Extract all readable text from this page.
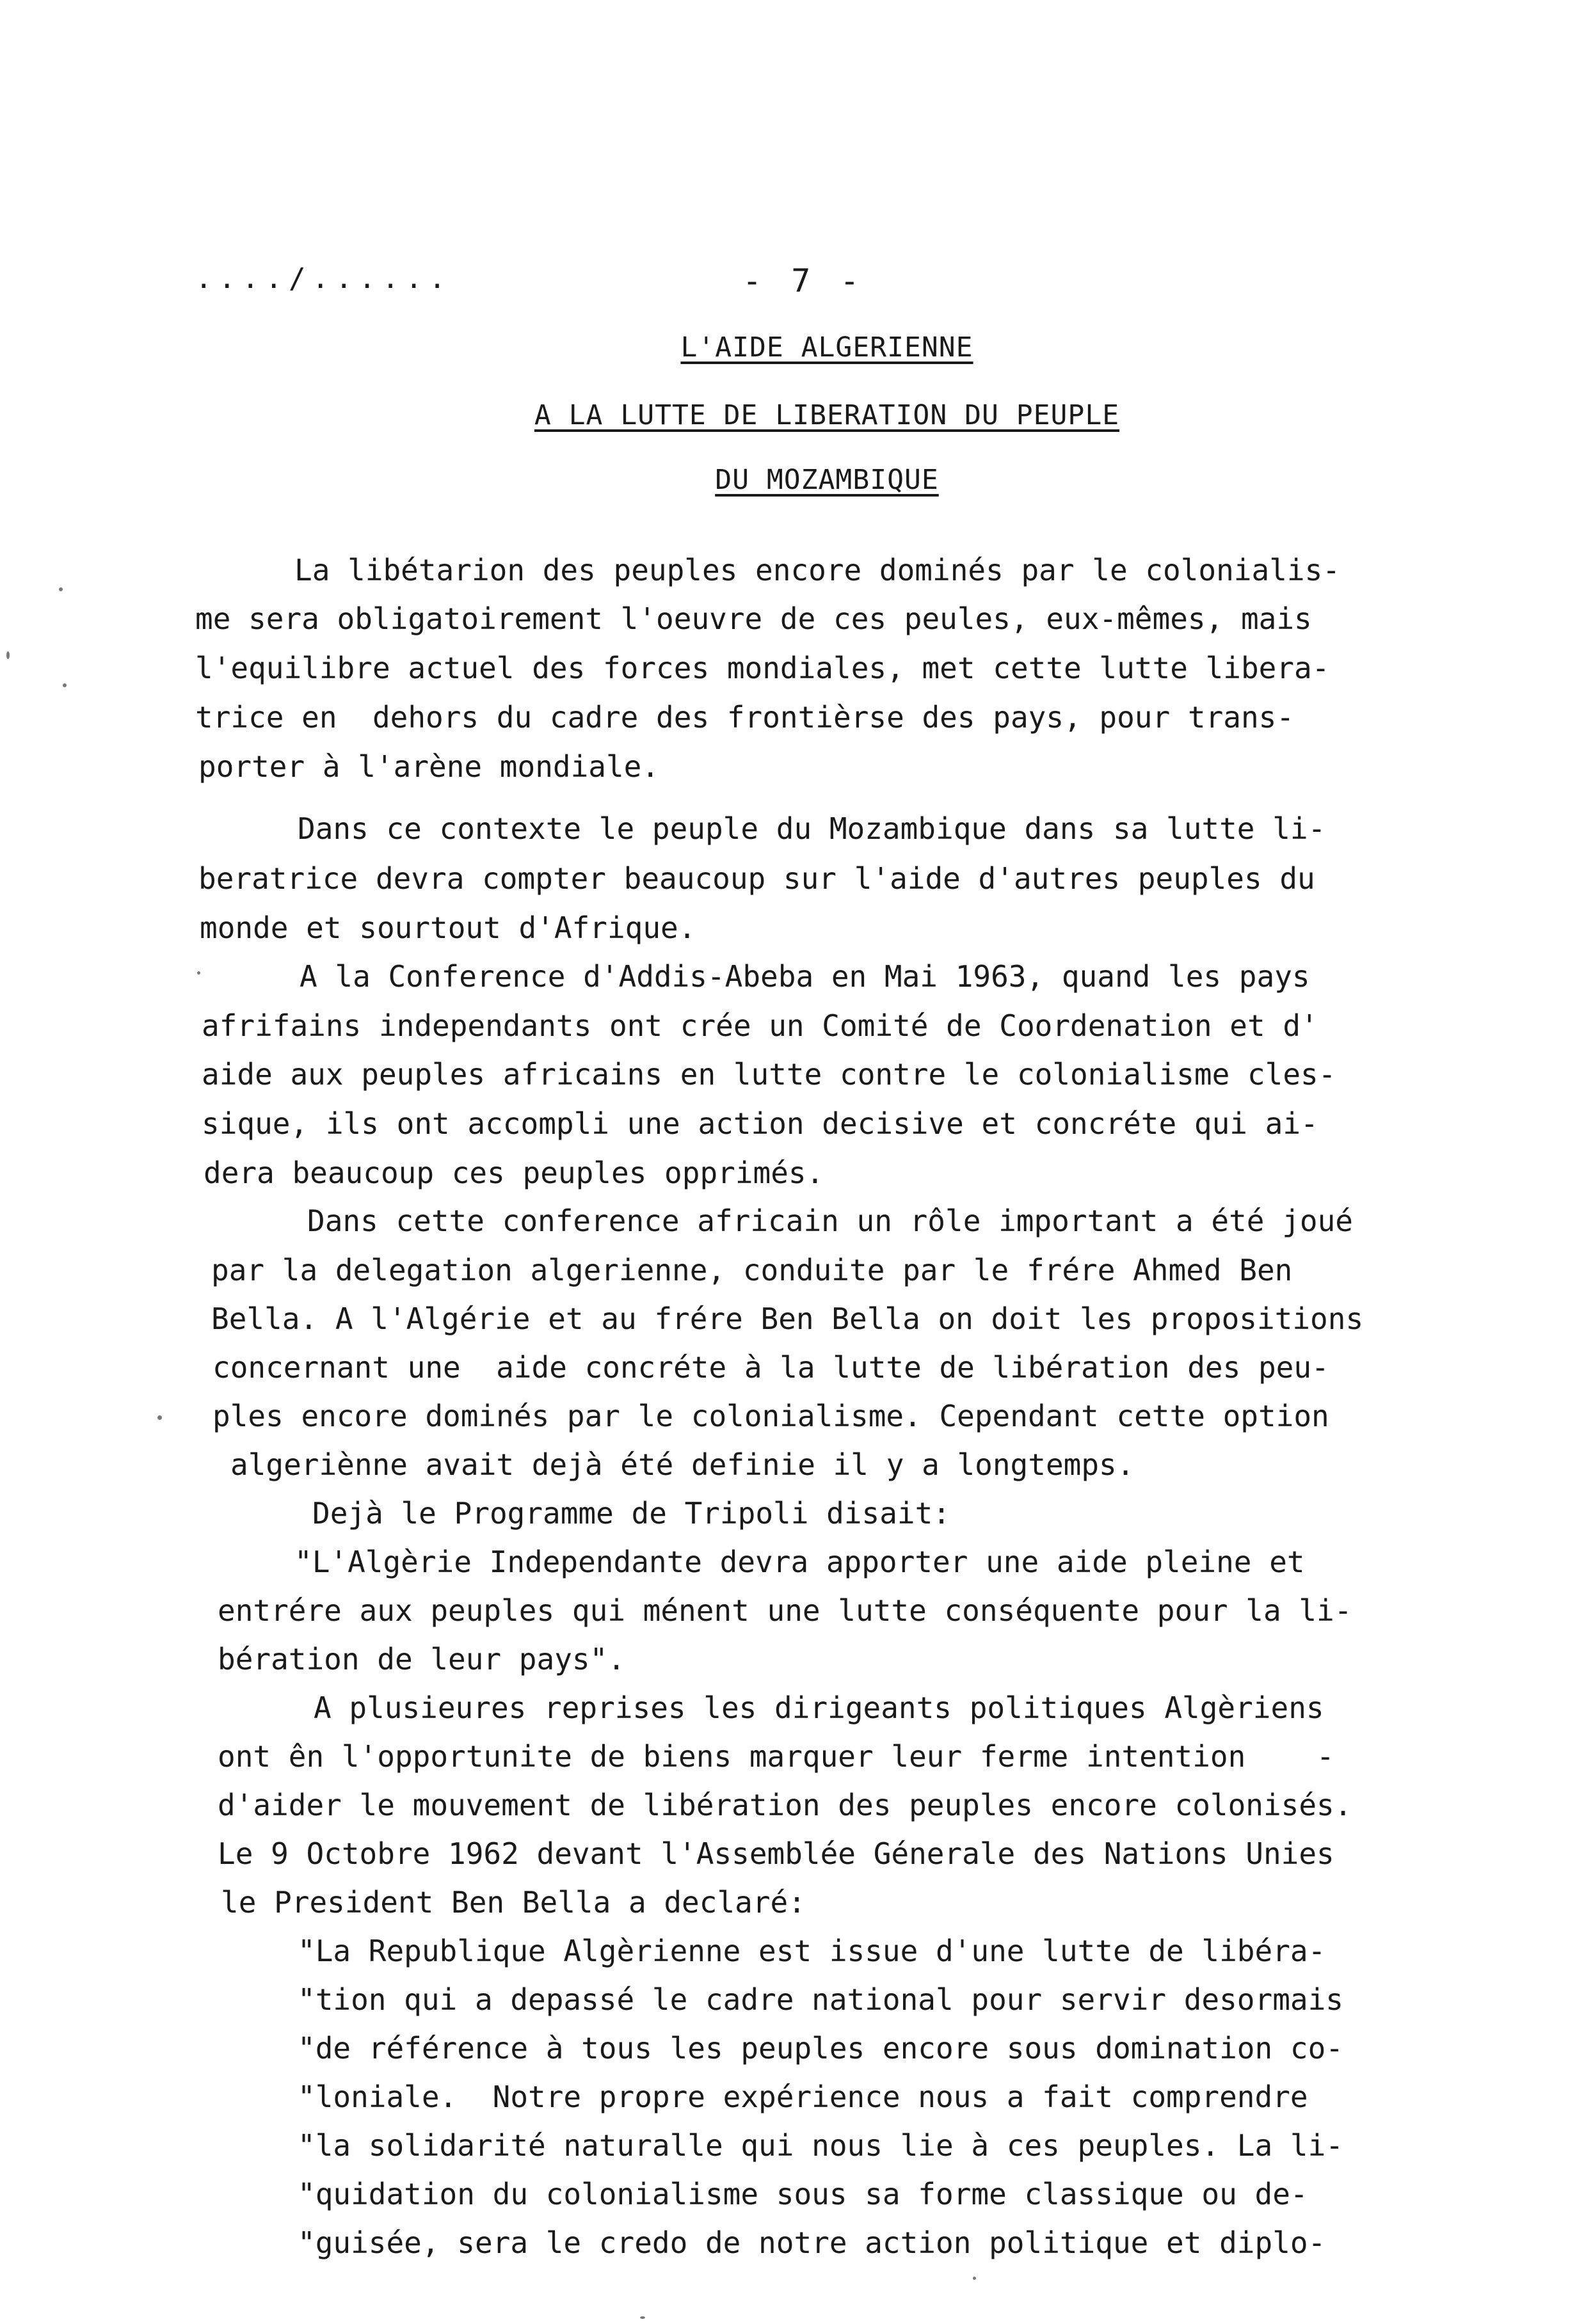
..../......	- 7 -
L'AIDE ALGERIENNE
A LA LUTTE DE LIBERATION DU PEUPLE
DU MOZAMBIQUE
La libétarion des peuples encore dominés par le colonialis-
me sera obligatoirement l'oeuvre de ces peules, eux-mêmes, mais
l'equilibre actuel des forces mondiales, met cette lutte libera-
trice en  dehors du cadre des frontièrse des pays, pour trans-
porter à l'arène mondiale.
Dans ce contexte le peuple du Mozambique dans sa lutte li-
beratrice devra compter beaucoup sur l'aide d'autres peuples du
monde et sourtout d'Afrique.
A la Conference d'Addis-Abeba en Mai 1963, quand les pays
afrifains independants ont crée un Comité de Coordenation et d'
aide aux peuples africains en lutte contre le colonialisme cles-
sique, ils ont accompli une action decisive et concréte qui ai-
dera beaucoup ces peuples opprimés.
Dans cette conference africain un rôle important a été joué
par la delegation algerienne, conduite par le frére Ahmed Ben
Bella. A l'Algérie et au frére Ben Bella on doit les propositions
concernant une  aide concréte à la lutte de libération des peu-
ples encore dominés par le colonialisme. Cependant cette option
algeriènne avait dejà été definie il y a longtemps.
Dejà le Programme de Tripoli disait:
"L'Algèrie Independante devra apporter une aide pleine et
entrére aux peuples qui ménent une lutte conséquente pour la li-
bération de leur pays".
A plusieures reprises les dirigeants politiques Algèriens
ont ên l'opportunite de biens marquer leur ferme intention    -
d'aider le mouvement de libération des peuples encore colonisés.
Le 9 Octobre 1962 devant l'Assemblée Génerale des Nations Unies
le President Ben Bella a declaré:
"La Republique Algèrienne est issue d'une lutte de libéra-
"tion qui a depassé le cadre national pour servir desormais
"de référence à tous les peuples encore sous domination co-
"loniale.  Notre propre expérience nous a fait comprendre
"la solidarité naturalle qui nous lie à ces peuples. La li-
"quidation du colonialisme sous sa forme classique ou de-
"guisée, sera le credo de notre action politique et diplo-
